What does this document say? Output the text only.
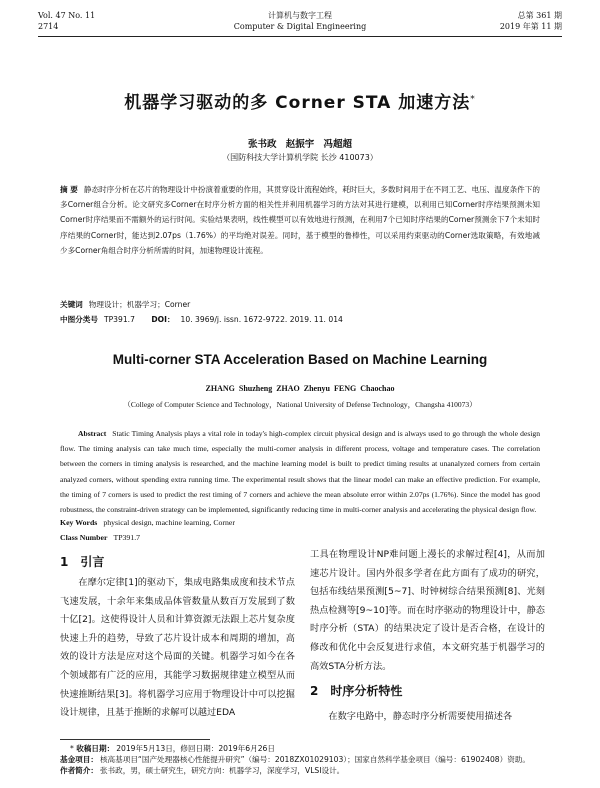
Vol. 47 No. 11
2714
计算机与数字工程
Computer & Digital Engineering
总第 361 期
2019 年第 11 期
机器学习驱动的多 Corner STA 加速方法*
张书政 赵振宇 冯超超
（国防科技大学计算机学院 长沙 410073）
摘 要 静态时序分析在芯片的物理设计中扮演着重要的作用，其贯穿设计流程始终，耗时巨大，多数时间用于在不同工艺、电压、温度条件下的多Corner组合分析。论文研究多Corner在时序分析方面的相关性并利用机器学习的方法对其进行建模，以利用已知Corner时序结果预测未知Corner时序结果而不需额外的运行时间。实验结果表明，线性模型可以有效地进行预测，在利用7个已知时序结果的Corner预测余下7个未知时序结果的Corner时，能达到2.07ps（1.76%）的平均绝对误差。同时，基于模型的鲁棒性，可以采用约束驱动的Corner选取策略，有效地减少多Corner角组合时序分析所需的时间，加速物理设计流程。
关键词 物理设计；机器学习；Corner
中图分类号 TP391.7 DOI： 10. 3969/j. issn. 1672-9722. 2019. 11. 014
Multi-corner STA Acceleration Based on Machine Learning
ZHANG Shuzheng ZHAO Zhenyu FENG Chaochao
（College of Computer Science and Technology，National University of Defense Technology，Changsha 410073）
Abstract Static Timing Analysis plays a vital role in today's high-complex circuit physical design and is always used to go through the whole design flow. The timing analysis can take much time, especially the multi-corner analysis in different process, voltage and temperature cases. The correlation between the corners in timing analysis is researched, and the machine learning model is built to predict timing results at unanalyzed corners from certain analyzed corners, without spending extra running time. The experimental result shows that the linear model can make an effective prediction. For example, the timing of 7 corners is used to predict the rest timing of 7 corners and achieve the mean absolute error within 2.07ps (1.76%). Since the model has good robustness, the constraint-driven strategy can be implemented, significantly reducing time in multi-corner analysis and accelerating the physical design flow.
Key Words physical design, machine learning, Corner
Class Number TP391.7
1 引言
在摩尔定律[1]的驱动下，集成电路集成度和技术节点飞速发展，十余年来集成品体管数量从数百万发展到了数十亿[2]。这使得设计人员和计算资源无法跟上芯片复杂度快速上升的趋势，导致了芯片设计成本和周期的增加，高效的设计方法是应对这个局面的关键。机器学习如今在各个领域都有广泛的应用，其能学习数据规律建立模型从而快速推断结果[3]。将机器学习应用于物理设计中可以挖掘设计规律，且基于推断的求解可以越过EDA
工具在物理设计NP难问题上漫长的求解过程[4]，从而加速芯片设计。国内外很多学者在此方面有了成功的研究，包括布线结果预测[5~7]、时钟树综合结果预测[8]、光刻热点检测等[9~10]等。而在时序驱动的物理设计中，静态时序分析（STA）的结果决定了设计是否合格，在设计的修改和优化中会反复进行求值，本文研究基于机器学习的高效STA分析方法。
2 时序分析特性
在数字电路中，静态时序分析需要使用描述各
* 收稿日期： 2019年5月13日，修回日期：2019年6月26日
基金项目： 核高基项目“国产处理器核心性能提升研究”（编号：2018ZX01029103）；国家自然科学基金项目（编号：61902408）资助。
作者简介： 张书政，男，硕士研究生，研究方向：机器学习，深度学习，VLSI设计。
